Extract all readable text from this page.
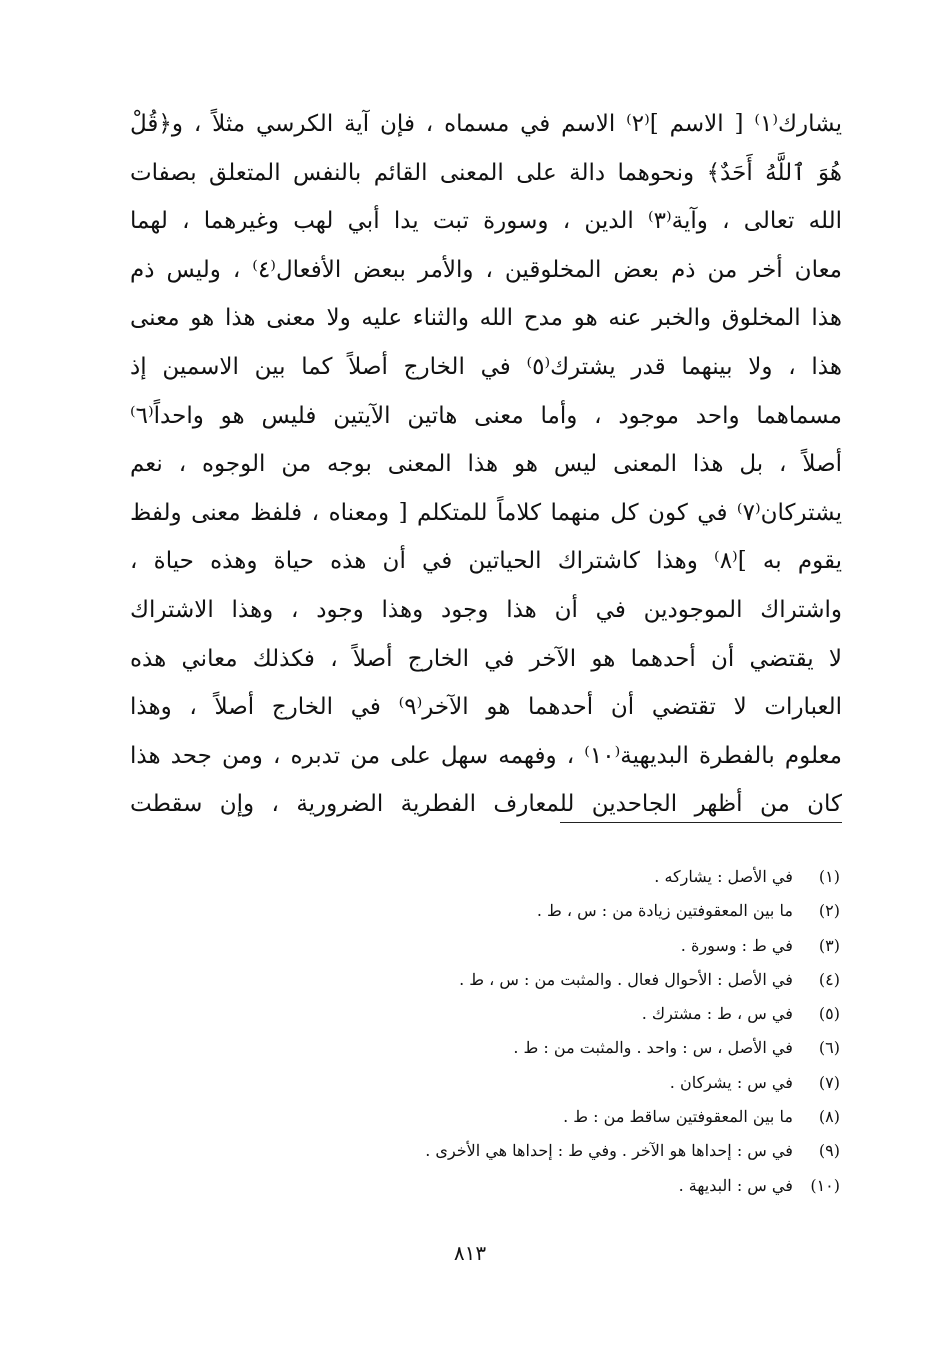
يشارك⁽١⁾ [ الاسم ]⁽٢⁾ الاسم في مسماه ، فإن آية الكرسي مثلاً ، و﴿قُلْ
هُوَ ٱللَّهُ أَحَدٌ﴾ ونحوهما دالة على المعنى القائم بالنفس المتعلق بصفات
الله تعالى ، وآية⁽٣⁾ الدين ، وسورة تبت يدا أبي لهب وغيرهما ، لهما
معان أخر من ذم بعض المخلوقين ، والأمر ببعض الأفعال⁽٤⁾ ، وليس ذم
هذا المخلوق والخبر عنه هو مدح الله والثناء عليه ولا معنى هذا هو معنى
هذا ، ولا بينهما قدر يشترك⁽٥⁾ في الخارج أصلاً كما بين الاسمين إذ
مسماهما واحد موجود ، وأما معنى هاتين الآيتين فليس هو واحداً⁽٦⁾
أصلاً ، بل هذا المعنى ليس هو هذا المعنى بوجه من الوجوه ، نعم
يشتركان⁽٧⁾ في كون كل منهما كلاماً للمتكلم [ ومعناه ، فلفظ معنى ولفظ
يقوم به ]⁽٨⁾ وهذا كاشتراك الحياتين في أن هذه حياة وهذه حياة ،
واشتراك الموجودين في أن هذا وجود وهذا وجود ، وهذا الاشتراك
لا يقتضي أن أحدهما هو الآخر في الخارج أصلاً ، فكذلك معاني هذه
العبارات لا تقتضي أن أحدهما هو الآخر⁽٩⁾ في الخارج أصلاً ، وهذا
معلوم بالفطرة البديهية⁽١٠⁾ ، وفهمه سهل على من تدبره ، ومن جحد هذا
كان من أظهر الجاحدين للمعارف الفطرية الضرورية ، وإن سقطت
(١) في الأصل : يشاركه .
(٢) ما بين المعقوفتين زيادة من : س ، ط .
(٣) في ط : وسورة .
(٤) في الأصل : الأحوال فعال . والمثبت من : س ، ط .
(٥) في س ، ط : مشترك .
(٦) في الأصل ، س : واحد . والمثبت من : ط .
(٧) في س : يشركان .
(٨) ما بين المعقوفتين ساقط من : ط .
(٩) في س : إحداها هو الآخر . وفي ط : إحداها هي الأخرى .
(١٠) في س : البديهة .
٨١٣
